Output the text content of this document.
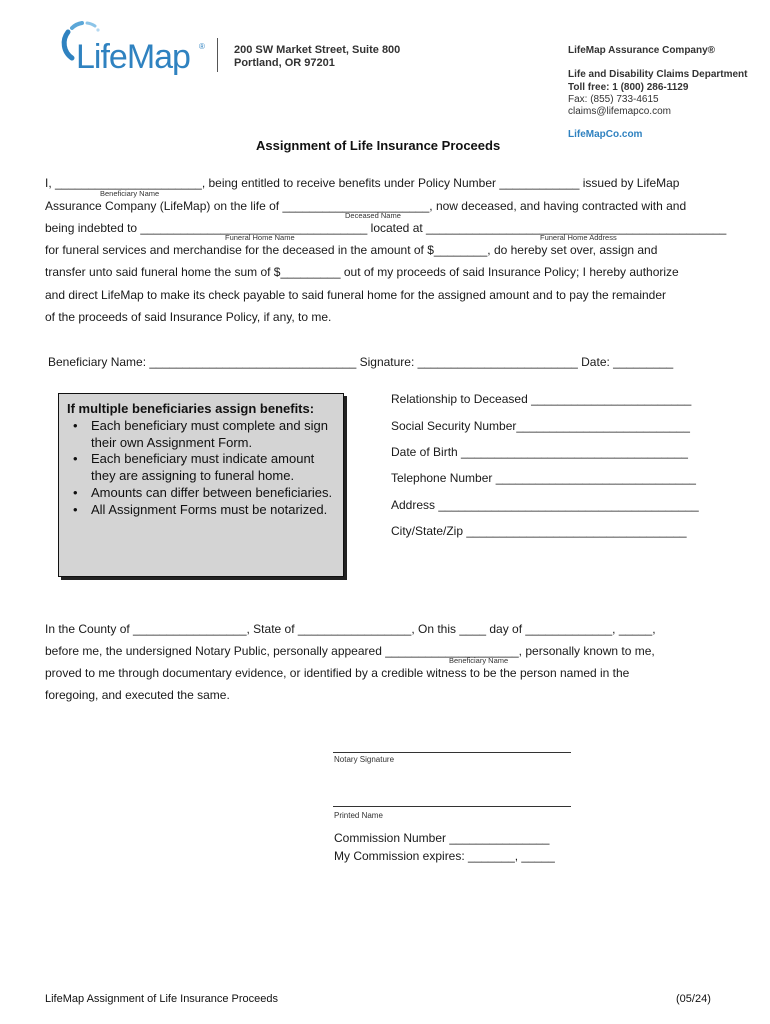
LifeMap ®	200 SW Market Street, Suite 800
Portland, OR 97201
LifeMap Assurance Company®
Life and Disability Claims Department
Toll free: 1 (800) 286-1129
Fax: (855) 733-4615
claims@lifemapco.com
LifeMapCo.com
Assignment of Life Insurance Proceeds
I, ______________________, being entitled to receive benefits under Policy Number ____________ issued by LifeMap
Beneficiary Name
Assurance Company (LifeMap) on the life of ______________________, now deceased, and having contracted with and
Deceased Name
being indebted to __________________________________ located at _____________________________________________
Funeral Home Name	Funeral Home Address
for funeral services and merchandise for the deceased in the amount of $________, do hereby set over, assign and
transfer unto said funeral home the sum of $_________ out of my proceeds of said Insurance Policy; I hereby authorize
and direct LifeMap to make its check payable to said funeral home for the assigned amount and to pay the remainder
of the proceeds of said Insurance Policy, if any, to me.
Beneficiary Name: _______________________________ Signature: ________________________ Date: _________
If multiple beneficiaries assign benefits:
• Each beneficiary must complete and sign their own Assignment Form.
• Each beneficiary must indicate amount they are assigning to funeral home.
• Amounts can differ between beneficiaries.
• All Assignment Forms must be notarized.
Relationship to Deceased ________________________
Social Security Number__________________________
Date of Birth __________________________________
Telephone Number ______________________________
Address _______________________________________
City/State/Zip _________________________________
In the County of _________________, State of _________________, On this ____ day of _____________, _____,
before me, the undersigned Notary Public, personally appeared ____________________, personally known to me,
Beneficiary Name
proved to me through documentary evidence, or identified by a credible witness to be the person named in the
foregoing, and executed the same.
Notary Signature
Printed Name
Commission Number _______________
My Commission expires: _______, _____
LifeMap Assignment of Life Insurance Proceeds	(05/24)
